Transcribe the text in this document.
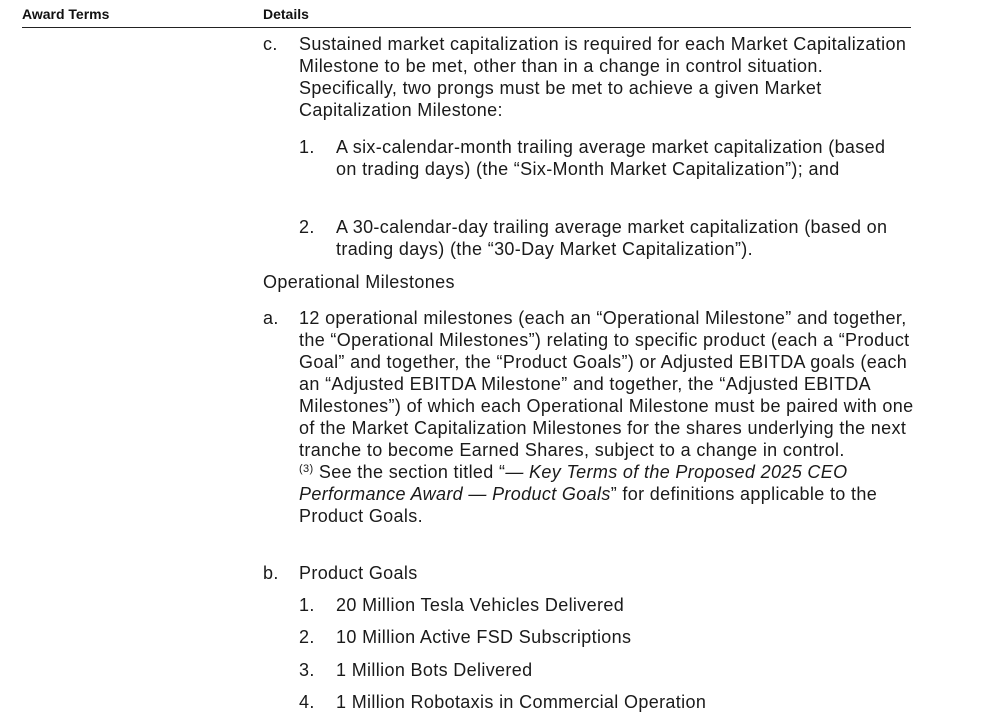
Award Terms	Details
c. Sustained market capitalization is required for each Market Capitalization Milestone to be met, other than in a change in control situation. Specifically, two prongs must be met to achieve a given Market Capitalization Milestone:
1. A six-calendar-month trailing average market capitalization (based on trading days) (the “Six-Month Market Capitalization”); and
2. A 30-calendar-day trailing average market capitalization (based on trading days) (the “30-Day Market Capitalization”).
Operational Milestones
a. 12 operational milestones (each an “Operational Milestone” and together, the “Operational Milestones”) relating to specific product (each a “Product Goal” and together, the “Product Goals”) or Adjusted EBITDA goals (each an “Adjusted EBITDA Milestone” and together, the “Adjusted EBITDA Milestones”) of which each Operational Milestone must be paired with one of the Market Capitalization Milestones for the shares underlying the next tranche to become Earned Shares, subject to a change in control.
$^{(3)}$ See the section titled “— Key Terms of the Proposed 2025 CEO Performance Award — Product Goals” for definitions applicable to the Product Goals.
b. Product Goals
1. 20 Million Tesla Vehicles Delivered
2. 10 Million Active FSD Subscriptions
3. 1 Million Bots Delivered
4. 1 Million Robotaxis in Commercial Operation
